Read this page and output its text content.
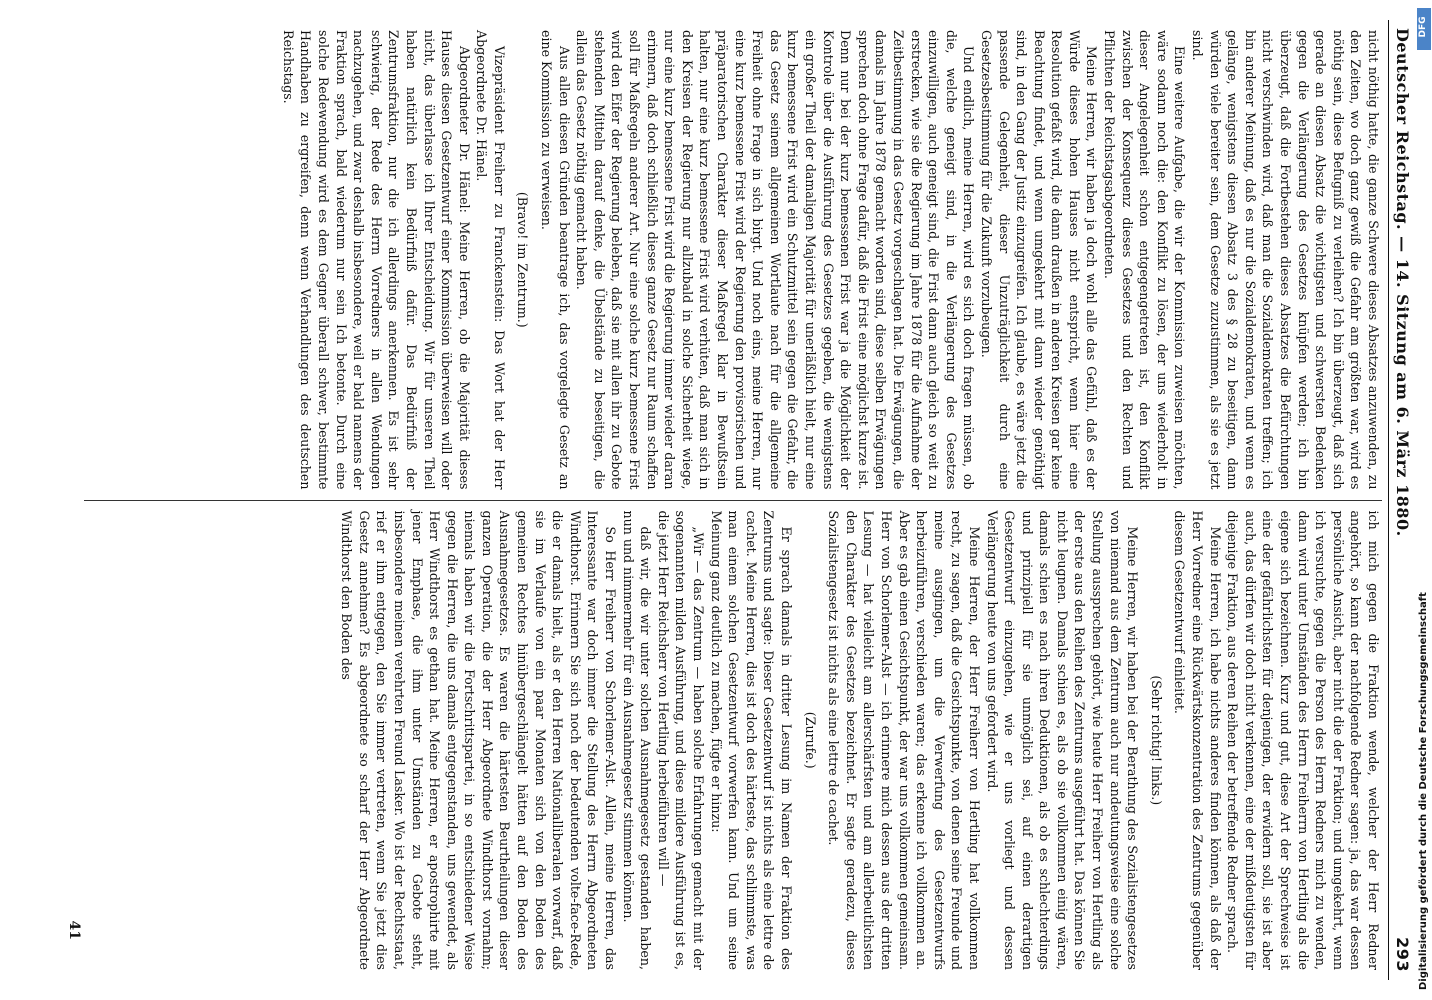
Deutscher Reichstag. — 14. Sitzung am 6. März 1880.
293

nicht nöthig hatte, die ganze Schwere dieses Absatzes anzuwenden, zu den Zeiten, wo doch ganz gewiß die Gefahr am größten war, wird es nöthig sein, diese Befugniß zu verleihen? Ich bin überzeugt, daß sich gerade an diesen Absatz die wichtigsten und schwersten Bedenken gegen die Verlängerung des Gesetzes knüpfen werden; ich bin überzeugt, daß die Fortbestehen dieses Absatzes die Befürchtungen nicht verschwinden wird, daß man die Sozialdemokraten treffen; ich bin anderer Meinung, daß es nur die Sozialdemokraten, und wenn es gelänge, wenigstens diesen Absatz 3 des § 28 zu beseitigen, dann würden viele bereiter sein, dem Gesetze zuzustimmen, als sie es jetzt sind.

Eine weitere Aufgabe, die wir der Kommission zuweisen möchten, wäre sodann noch die: den Konflikt zu lösen, der uns wiederholt in dieser Angelegenheit schon entgegengetreten ist, den Konflikt zwischen der Konsequenz dieses Gesetzes und den Rechten und Pflichten der Reichstagsabgeordneten.

Meine Herren, wir haben ja doch wohl alle das Gefühl, daß es der Würde dieses hohen Hauses nicht entspricht, wenn hier eine Resolution gefaßt wird, die dann draußen in anderen Kreisen gar keine Beachtung findet, und wenn umgekehrt mit dann wieder genöthigt sind, in den Gang der Justiz einzugreifen. Ich glaube, es wäre jetzt die passende Gelegenheit, dieser Unzuträglichkeit durch eine Gesetzesbestimmung für die Zukunft vorzubeugen.

Und endlich, meine Herren, wird es sich doch fragen müssen, ob die, welche geneigt sind, in die Verlängerung des Gesetzes einzuwilligen, auch geneigt sind, die Frist dann auch gleich so weit zu erstrecken, wie sie die Regierung im Jahre 1878 für die Aufnahme der Zeitbestimmung in das Gesetz vorgeschlagen hat. Die Erwägungen, die damals im Jahre 1878 gemacht worden sind, diese selben Erwägungen sprechen doch ohne Frage dafür, daß die Frist eine möglichst kurze ist. Denn nur bei der kurz bemessenen Frist war ja die Möglichkeit der Kontrole über die Ausführung des Gesetzes gegeben, die wenigstens ein großer Theil der damaligen Majorität für unerläßlich hielt, nur eine kurz bemessene Frist wird ein Schutzmittel sein gegen die Gefahr, die das Gesetz seinem allgemeinen Wortlaute nach für die allgemeine Freiheit ohne Frage in sich birgt. Und noch eins, meine Herren, nur eine kurz bemessene Frist wird der Regierung den provisorischen und präparatorischen Charakter dieser Maßregel klar in Bewußtsein halten, nur eine kurz bemessene Frist wird verhüten, daß man sich in den Kreisen der Regierung nur allzubald in solche Sicherheit wiege, nur eine kurz bemessene Frist wird die Regierung immer wieder daran erinnern, daß doch schließlich dieses ganze Gesetz nur Raum schaffen soll für Maßregeln anderer Art. Nur eine solche kurz bemessene Frist wird den Eifer der Regierung beleben, daß sie mit allen ihr zu Gebote stehenden Mitteln darauf denke, die Übelstände zu beseitigen, die allein das Gesetz nöthig gemacht haben.

Aus allen diesen Gründen beantrage ich, das vorgelegte Gesetz an eine Kommission zu verweisen.

(Bravo! im Zentrum.)

Vizepräsident Freiherr zu Franckenstein: Das Wort hat der Herr Abgeordnete Dr. Hänel.

Abgeordneter Dr. Hänel: Meine Herren, ob die Majorität dieses Hauses diesen Gesetzentwurf einer Kommission überweisen will oder nicht, das überlasse ich Ihrer Entscheidung. Wir für unseren Theil haben natürlich kein Bedürfniß dafür. Das Bedürfniß der Zentrumsfraktion, nur die ich allerdings anerkennen. Es ist sehr schwierig, der Rede des Herrn Vorredners in allen Wendungen nachzugehen, und zwar deshalb insbesondere, weil er bald namens der Fraktion sprach, bald wiederum nur sein Ich betonte. Durch eine solche Redewendung wird es dem Gegner überall schwer, bestimmte Handhaben zu ergreifen, denn wenn Verhandlungen des deutschen Reichstags.

ich mich gegen die Fraktion wende, welcher der Herr Redner angehört, so kann der nachfolgende Redner sagen: ja, das war dessen persönliche Ansicht, aber nicht die der Fraktion; und umgekehrt, wenn ich versuchte, gegen die Person des Herrn Redners mich zu wenden, dann wird unter Umständen des Herrn Freiherrn von Hertling als die eigene sich bezeichnen. Kurz und gut, diese Art der Sprechweise ist eine der gefährlichsten für denjenigen, der erwidern soll, sie ist aber auch, das dürfen wir doch nicht verkennen, eine der mißdeutigsten für diejenige Fraktion, aus deren Reihen der betreffende Redner sprach.

Meine Herren, ich habe nichts anderes finden können, als daß der Herr Vorredner eine Rückwärtskonzentration des Zentrums gegenüber diesem Gesetzentwurf einleitet.

(Sehr richtig! links.)

Meine Herren, wir haben bei der Berathung des Sozialistengesetzes von niemand aus dem Zentrum auch nur andeutungsweise eine solche Stellung aussprechen gehört, wie heute Herr Freiherr von Hertling als der erste aus den Reihen des Zentrums ausgeführt hat. Das können Sie nicht leugnen. Damals schien es, als ob sie vollkommen einig wären, damals schien es nach ihren Deduktionen, als ob es schlechterdings und prinzipiell für sie unmöglich sei, auf einen derartigen Gesetzentwurf einzugehen, wie er uns vorliegt und dessen Verlängerung heute von uns gefordert wird.

Meine Herren, der Herr Freiherr von Hertling hat vollkommen recht, zu sagen, daß die Gesichtspunkte, von denen seine Freunde und meine ausgingen, um die Verwerfung des Gesetzentwurfs herbeizuführen, verschieden waren; das erkenne ich vollkommen an. Aber es gab einen Gesichtspunkt, der war uns vollkommen gemeinsam. Herr von Schorlemer-Alst — ich erinnere mich dessen aus der dritten Lesung — hat vielleicht am allerschärfsten und am allerbeutlichsten den Charakter des Gesetzes bezeichnet. Er sagte geradezu, dieses Sozialistengesetz ist nichts als eine lettre de cachet.

(Zurufe.)

Er sprach damals in dritter Lesung im Namen der Fraktion des Zentrums und sagte: Dieser Gesetzentwurf ist nichts als eine lettre de cachet. Meine Herren, dies ist doch des härteste, das schlimmste, was man einem solchen Gesetzentwurf vorwerfen kann. Und um seine Meinung ganz deutlich zu machen, fügte er hinzu:

„Wir — das Zentrum — haben solche Erfahrungen gemacht mit der sogenannten milden Ausführung, und diese mildere Ausführung ist es, die jetzt Herr Reichsherr von Hertling herbeiführen will —

daß wir, die wir unter solchen Ausnahmegesetz gestanden haben, nun und nimmermehr für ein Ausnahmegesetz stimmen können.

So Herr Freiherr von Schorlemer-Alst. Allein, meine Herren, das Interessante war doch immer die Stellung des Herrn Abgeordneten Windthorst. Erinnern Sie sich noch der bedeutenden volte-face-Rede, die er damals hielt, als er den Herren Nationalliberalen vorwarf, daß sie im Verlaufe von ein paar Monaten sich von den Boden des gemeinen Rechtes hinübergeschlängelt hätten auf den Boden des Ausnahmegesetzes. Es waren die härtesten Beurtheilungen dieser ganzen Operation, die der Herr Abgeordnete Windthorst vornahm; niemals haben wir die Fortschrittspartei, in so entschiedener Weise gegen die Herren, die uns damals entgegenstanden, uns gewendet, als Herr Windthorst es gethan hat. Meine Herren, er apostrophirte mit jener Emphase, die ihm unter Umständen zu Gebote steht, insbesondere meinen verehrten Freund Lasker. Wo ist der Rechtsstaat, rief er ihm entgegen, den Sie immer vertreten, wenn Sie jetzt dies Gesetz annehmen? Es abgeordnete so scharf der Herr Abgeordnete Windthorst den Boden des

41	Digitalisierung gefördert durch die Deutsche Forschungsgemeinschaft
DFG
